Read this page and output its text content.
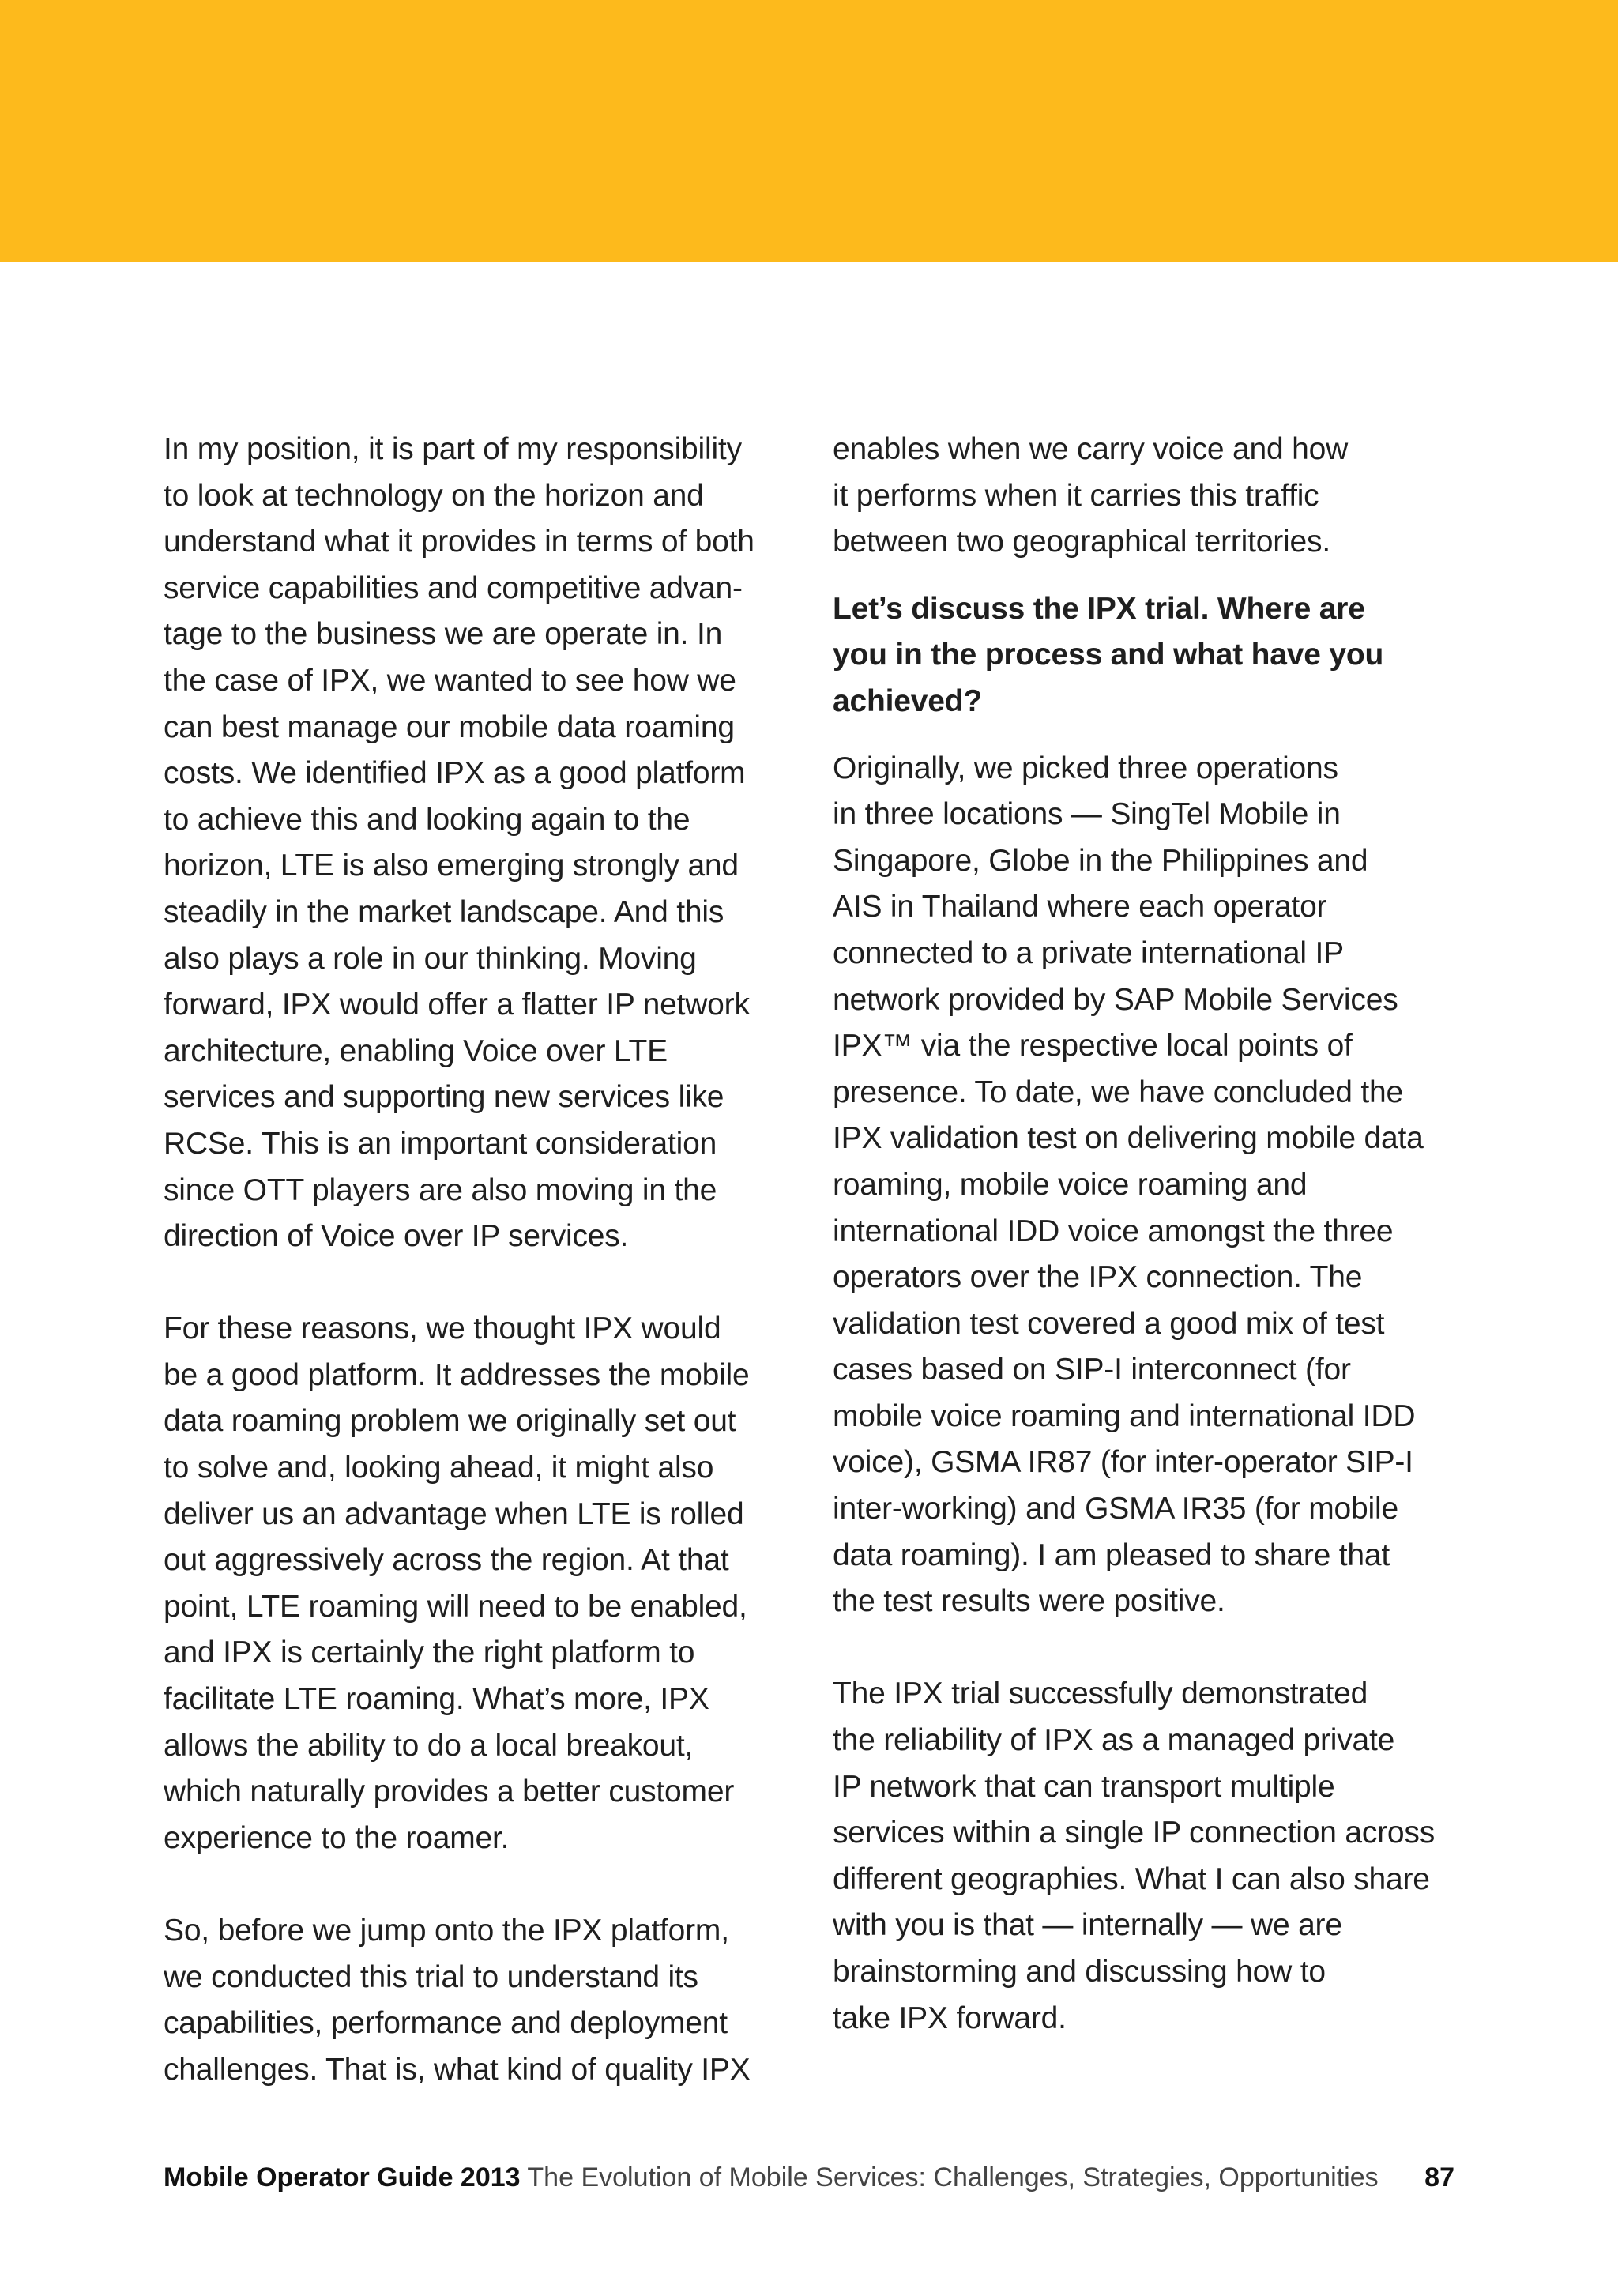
In my position, it is part of my responsibility
to look at technology on the horizon and
understand what it provides in terms of both
service capabilities and competitive advan-
tage to the business we are operate in. In
the case of IPX, we wanted to see how we
can best manage our mobile data roaming
costs. We identified IPX as a good platform
to achieve this and looking again to the
horizon, LTE is also emerging strongly and
steadily in the market landscape. And this
also plays a role in our thinking. Moving
forward, IPX would offer a flatter IP network
architecture, enabling Voice over LTE
services and supporting new services like
RCSe. This is an important consideration
since OTT players are also moving in the
direction of Voice over IP services.

For these reasons, we thought IPX would
be a good platform. It addresses the mobile
data roaming problem we originally set out
to solve and, looking ahead, it might also
deliver us an advantage when LTE is rolled
out aggressively across the region. At that
point, LTE roaming will need to be enabled,
and IPX is certainly the right platform to
facilitate LTE roaming. What’s more, IPX
allows the ability to do a local breakout,
which naturally provides a better customer
experience to the roamer.

So, before we jump onto the IPX platform,
we conducted this trial to understand its
capabilities, performance and deployment
challenges. That is, what kind of quality IPX

enables when we carry voice and how
it performs when it carries this traffic
between two geographical territories.

Let’s discuss the IPX trial. Where are
you in the process and what have you
achieved?

Originally, we picked three operations
in three locations — SingTel Mobile in
Singapore, Globe in the Philippines and
AIS in Thailand where each operator
connected to a private international IP
network provided by SAP Mobile Services
IPX™ via the respective local points of
presence. To date, we have concluded the
IPX validation test on delivering mobile data
roaming, mobile voice roaming and
international IDD voice amongst the three
operators over the IPX connection. The
validation test covered a good mix of test
cases based on SIP-I interconnect (for
mobile voice roaming and international IDD
voice), GSMA IR87 (for inter-operator SIP-I
inter-working) and GSMA IR35 (for mobile
data roaming). I am pleased to share that
the test results were positive.

The IPX trial successfully demonstrated
the reliability of IPX as a managed private
IP network that can transport multiple
services within a single IP connection across
different geographies. What I can also share
with you is that — internally — we are
brainstorming and discussing how to
take IPX forward.

Mobile Operator Guide 2013 The Evolution of Mobile Services: Challenges, Strategies, Opportunities 87
